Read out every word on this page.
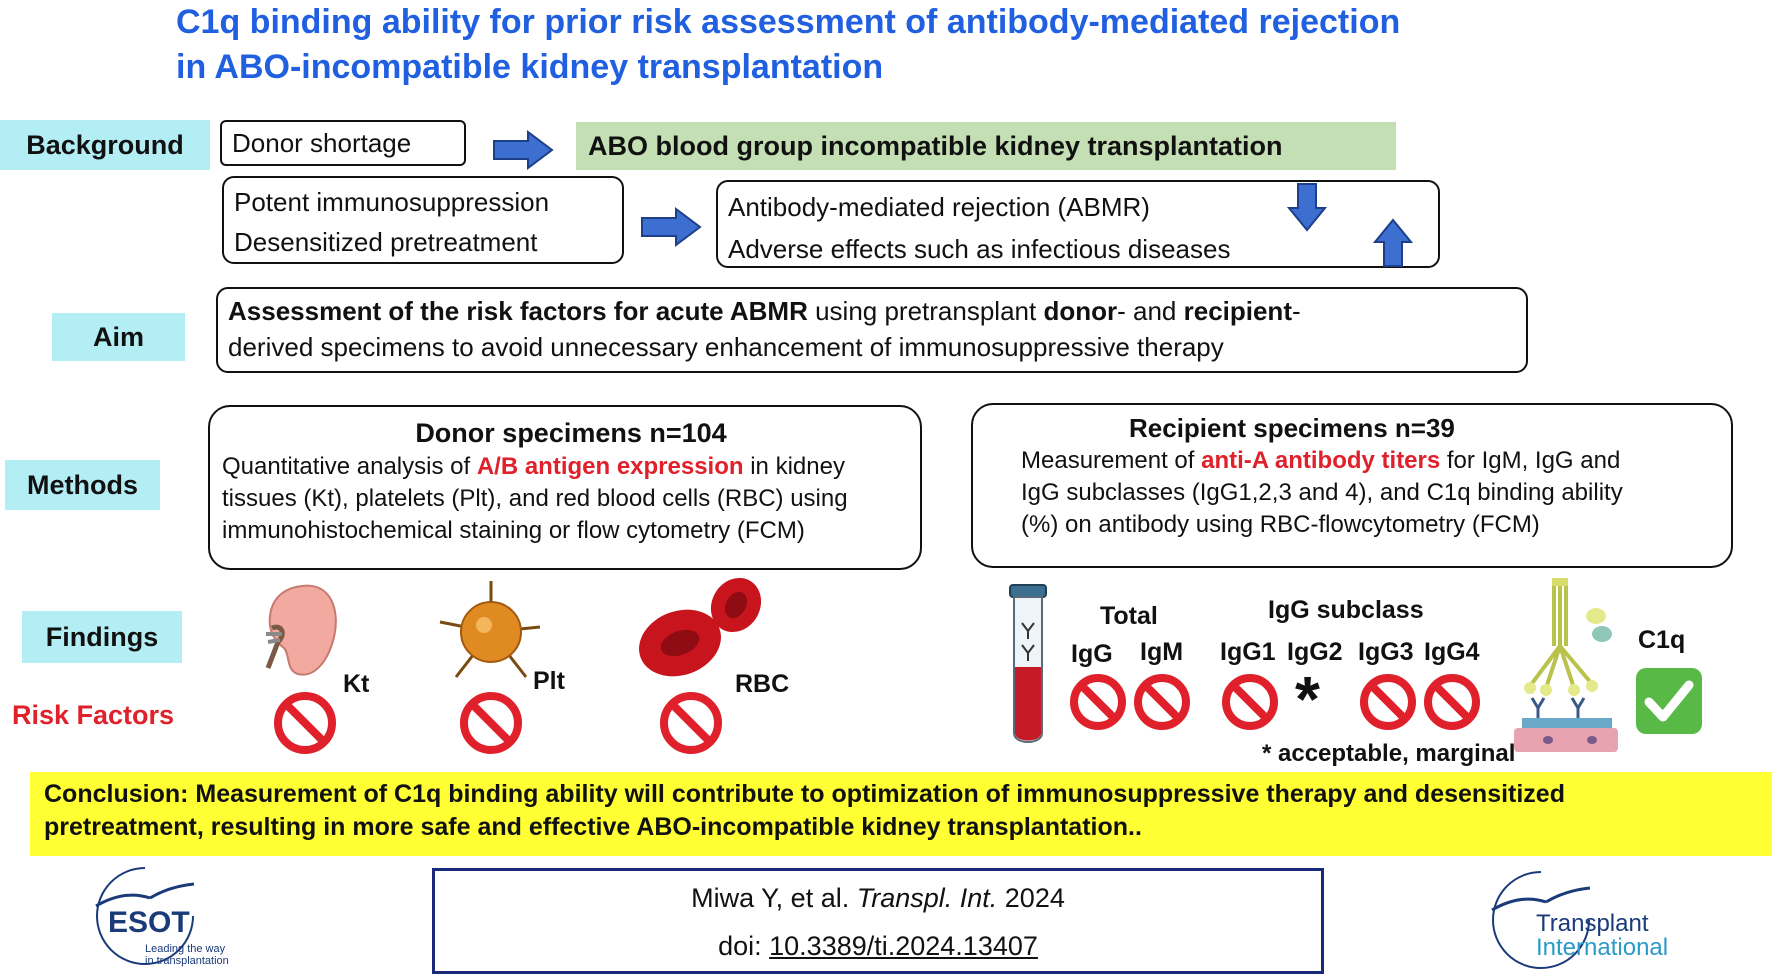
C1q binding ability for prior risk assessment of antibody-mediated rejection
in ABO-incompatible kidney transplantation
Background
Aim
Methods
Findings
Risk Factors
Donor shortage	ABO blood group incompatible kidney transplantation
Potent immunosuppression
Desensitized pretreatment
Antibody-mediated rejection (ABMR)
Adverse effects such as infectious diseases
Assessment of the risk factors for acute ABMR using pretransplant donor- and recipient-
derived specimens to avoid unnecessary enhancement of immunosuppressive therapy
Donor specimens n=104
Quantitative analysis of A/B antigen expression in kidney
tissues (Kt), platelets (Plt), and red blood cells (RBC) using
immunohistochemical staining or flow cytometry (FCM)
Recipient specimens n=39
Measurement of anti-A antibody titers for IgM, IgG and
IgG subclasses (IgG1,2,3 and 4), and C1q binding ability
(%) on antibody using RBC-flowcytometry (FCM)
Kt	Plt	RBC
Total
IgG IgM
IgG subclass
IgG1 IgG2 IgG3 IgG4	C1q
*
* acceptable, marginal
Conclusion: Measurement of C1q binding ability will contribute to optimization of immunosuppressive therapy and desensitized
pretreatment, resulting in more safe and effective ABO-incompatible kidney transplantation..
Miwa Y, et al. Transpl. Int. 2024
doi: 10.3389/ti.2024.13407
ESOT
Leading the way
in transplantation
Transplant
International
